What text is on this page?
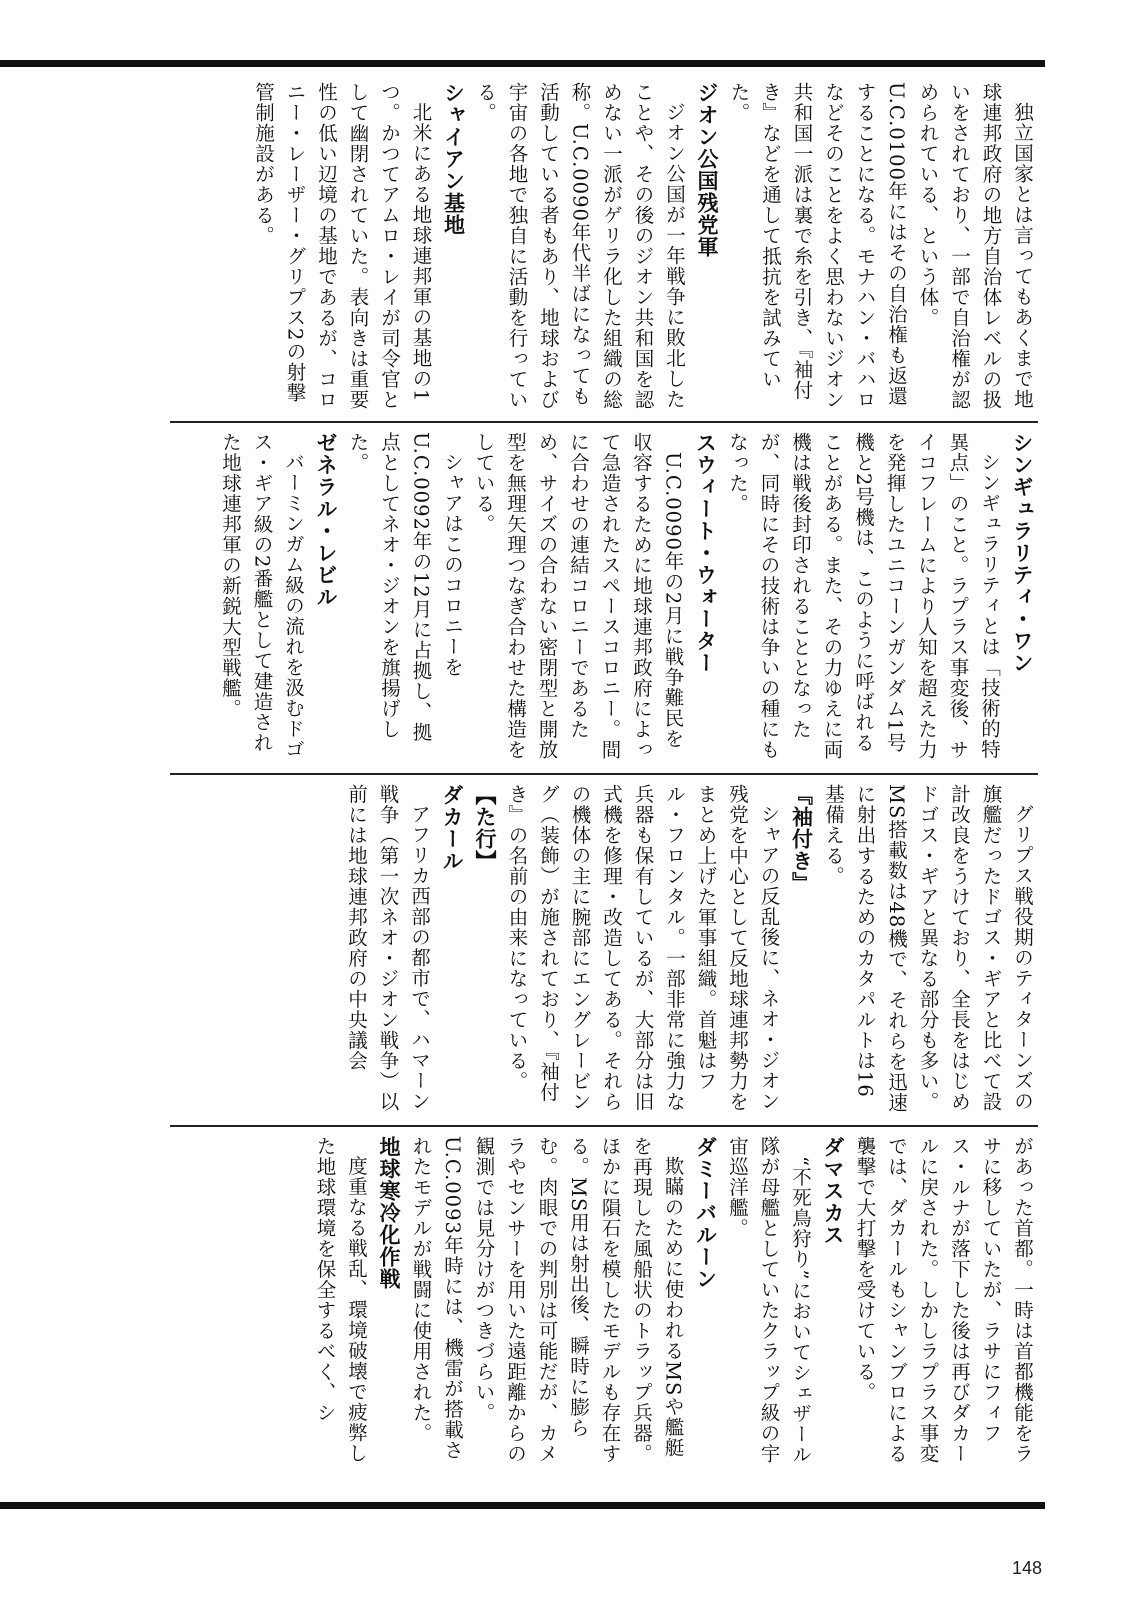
独立国家とは言ってもあくまで地球連邦政府の地方自治体レベルの扱いをされており、一部で自治権が認められている、という体。U.C.0100年にはその自治権も返還することになる。モナハン・バハロなどそのことをよく思わないジオン共和国一派は裏で糸を引き、『袖付き』などを通して抵抗を試みていた。

ジオン公国残党軍

ジオン公国が一年戦争に敗北したことや、その後のジオン共和国を認めない一派がゲリラ化した組織の総称。U.C.0090年代半ばになっても活動している者もあり、地球および宇宙の各地で独自に活動を行っている。

シャイアン基地

北米にある地球連邦軍の基地の1つ。かつてアムロ・レイが司令官として幽閉されていた。表向きは重要性の低い辺境の基地であるが、コロニー・レーザー・グリプス2の射撃管制施設がある。

シンギュラリティ・ワン

シンギュラリティとは「技術的特異点」のこと。ラプラス事変後、サイコフレームにより人知を超えた力を発揮したユニコーンガンダム1号機と2号機は、このように呼ばれることがある。また、その力ゆえに両機は戦後封印されることとなったが、同時にその技術は争いの種にもなった。

スウィート・ウォーター

U.C.0090年の2月に戦争難民を収容するために地球連邦政府によって急造されたスペースコロニー。間に合わせの連結コロニーであるため、サイズの合わない密閉型と開放型を無理矢理つなぎ合わせた構造をしている。

シャアはこのコロニーをU.C.0092年の12月に占拠し、拠点としてネオ・ジオンを旗揚げした。

ゼネラル・レビル

バーミンガム級の流れを汲むドゴス・ギア級の2番艦として建造された地球連邦軍の新鋭大型戦艦。

グリプス戦役期のティターンズの旗艦だったドゴス・ギアと比べて設計改良をうけており、全長をはじめドゴス・ギアと異なる部分も多い。MS搭載数は48機で、それらを迅速に射出するためのカタパルトは16基備える。

『袖付き』

シャアの反乱後に、ネオ・ジオン残党を中心として反地球連邦勢力をまとめ上げた軍事組織。首魁はフル・フロンタル。一部非常に強力な兵器も保有しているが、大部分は旧式機を修理・改造してある。それらの機体の主に腕部にエングレービング（装飾）が施されており、『袖付き』の名前の由来になっている。

【た行】
ダカール

アフリカ西部の都市で、ハマーン戦争（第一次ネオ・ジオン戦争）以前には地球連邦政府の中央議会

があった首都。一時は首都機能をラサに移していたが、ラサにフィフス・ルナが落下した後は再びダカールに戻された。しかしラプラス事変では、ダカールもシャンブロによる襲撃で大打撃を受けている。

ダマスカス

“不死鳥狩り”においてシェザール隊が母艦としていたクラップ級の宇宙巡洋艦。

ダミーバルーン

欺瞞のために使われるMSや艦艇を再現した風船状のトラップ兵器。ほかに隕石を模したモデルも存在する。MS用は射出後、瞬時に膨らむ。肉眼での判別は可能だが、カメラやセンサーを用いた遠距離からの観測では見分けがつきづらい。U.C.0093年時には、機雷が搭載されたモデルが戦闘に使用された。

地球寒冷化作戦

度重なる戦乱、環境破壊で疲弊した地球環境を保全するべく、シ

148
